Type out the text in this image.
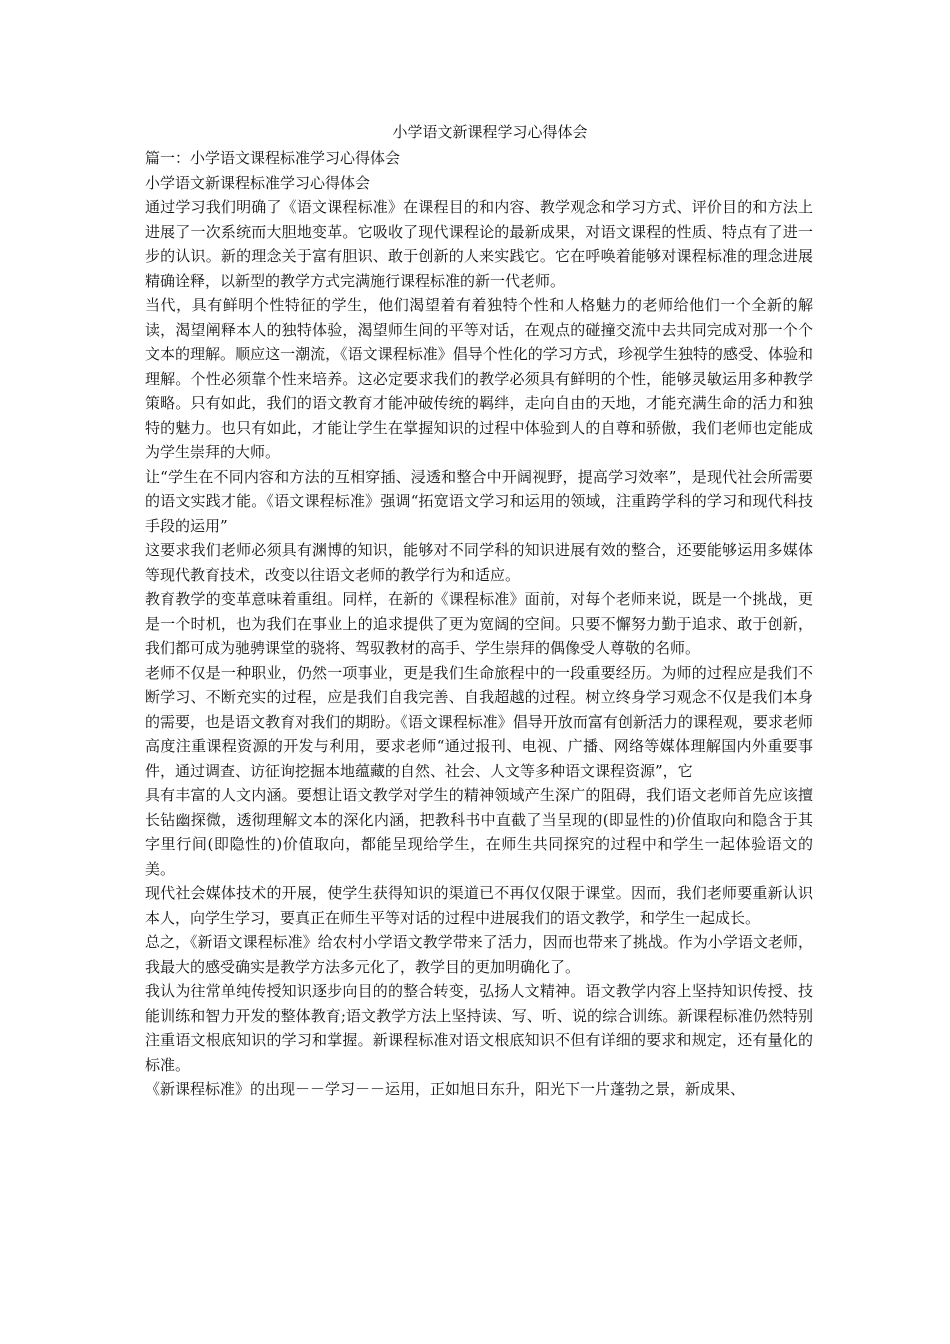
小学语文新课程学习心得体会

篇一：小学语文课程标准学习心得体会

小学语文新课程标准学习心得体会

通过学习我们明确了《语文课程标准》在课程目的和内容、教学观念和学习方式、评价目的和方法上进展了一次系统而大胆地变革。它吸收了现代课程论的最新成果，对语文课程的性质、特点有了进一步的认识。新的理念关于富有胆识、敢于创新的人来实践它。它在呼唤着能够对课程标准的理念进展精确诠释，以新型的教学方式完满施行课程标准的新一代老师。

当代，具有鲜明个性特征的学生，他们渴望着有着独特个性和人格魅力的老师给他们一个全新的解读，渴望阐释本人的独特体验，渴望师生间的平等对话，在观点的碰撞交流中去共同完成对那一个个文本的理解。顺应这一潮流，《语文课程标准》倡导个性化的学习方式，珍视学生独特的感受、体验和理解。个性必须靠个性来培养。这必定要求我们的教学必须具有鲜明的个性，能够灵敏运用多种教学策略。只有如此，我们的语文教育才能冲破传统的羁绊，走向自由的天地，才能充满生命的活力和独特的魅力。也只有如此，才能让学生在掌握知识的过程中体验到人的自尊和骄傲，我们老师也定能成为学生崇拜的大师。

让“学生在不同内容和方法的互相穿插、浸透和整合中开阔视野，提高学习效率”，是现代社会所需要的语文实践才能。《语文课程标准》强调“拓宽语文学习和运用的领域，注重跨学科的学习和现代科技手段的运用”

这要求我们老师必须具有渊博的知识，能够对不同学科的知识进展有效的整合，还要能够运用多媒体等现代教育技术，改变以往语文老师的教学行为和适应。

教育教学的变革意味着重组。同样，在新的《课程标准》面前，对每个老师来说，既是一个挑战，更是一个时机，也为我们在事业上的追求提供了更为宽阔的空间。只要不懈努力勤于追求、敢于创新，我们都可成为驰骋课堂的骁将、驾驭教材的高手、学生崇拜的偶像受人尊敬的名师。

老师不仅是一种职业，仍然一项事业，更是我们生命旅程中的一段重要经历。为师的过程应是我们不断学习、不断充实的过程，应是我们自我完善、自我超越的过程。树立终身学习观念不仅是我们本身的需要，也是语文教育对我们的期盼。《语文课程标准》倡导开放而富有创新活力的课程观，要求老师高度注重课程资源的开发与利用，要求老师“通过报刊、电视、广播、网络等媒体理解国内外重要事件，通过调查、访征询挖掘本地蕴藏的自然、社会、人文等多种语文课程资源”，它

具有丰富的人文内涵。要想让语文教学对学生的精神领域产生深广的阻碍，我们语文老师首先应该擅长钻幽探微，透彻理解文本的深化内涵，把教科书中直截了当呈现的(即显性的)价值取向和隐含于其字里行间(即隐性的)价值取向，都能呈现给学生，在师生共同探究的过程中和学生一起体验语文的美。

现代社会媒体技术的开展，使学生获得知识的渠道已不再仅仅限于课堂。因而，我们老师要重新认识本人，向学生学习，要真正在师生平等对话的过程中进展我们的语文教学，和学生一起成长。

总之，《新语文课程标准》给农村小学语文教学带来了活力，因而也带来了挑战。作为小学语文老师，我最大的感受确实是教学方法多元化了，教学目的更加明确化了。

我认为往常单纯传授知识逐步向目的的整合转变，弘扬人文精神。语文教学内容上坚持知识传授、技能训练和智力开发的整体教育;语文教学方法上坚持读、写、听、说的综合训练。新课程标准仍然特别注重语文根底知识的学习和掌握。新课程标准对语文根底知识不但有详细的要求和规定，还有量化的标准。

《新课程标准》的出现－－学习－－运用，正如旭日东升，阳光下一片蓬勃之景，新成果、
